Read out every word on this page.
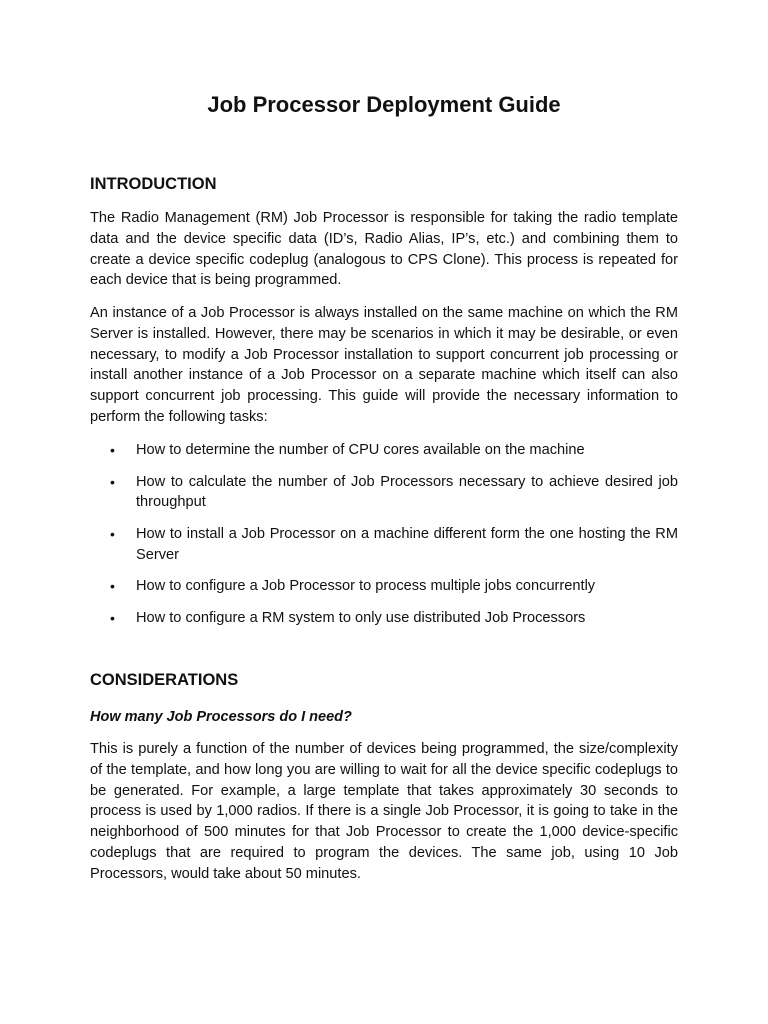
Job Processor Deployment Guide
INTRODUCTION

The Radio Management (RM) Job Processor is responsible for taking the radio template data and the device specific data (ID’s, Radio Alias, IP’s, etc.) and combining them to create a device specific codeplug (analogous to CPS Clone). This process is repeated for each device that is being programmed.

An instance of a Job Processor is always installed on the same machine on which the RM Server is installed. However, there may be scenarios in which it may be desirable, or even necessary, to modify a Job Processor installation to support concurrent job processing or install another instance of a Job Processor on a separate machine which itself can also support concurrent job processing. This guide will provide the necessary information to perform the following tasks:

• How to determine the number of CPU cores available on the machine
• How to calculate the number of Job Processors necessary to achieve desired job throughput
• How to install a Job Processor on a machine different form the one hosting the RM Server
• How to configure a Job Processor to process multiple jobs concurrently
• How to configure a RM system to only use distributed Job Processors
CONSIDERATIONS
How many Job Processors do I need?

This is purely a function of the number of devices being programmed, the size/complexity of the template, and how long you are willing to wait for all the device specific codeplugs to be generated. For example, a large template that takes approximately 30 seconds to process is used by 1,000 radios. If there is a single Job Processor, it is going to take in the neighborhood of 500 minutes for that Job Processor to create the 1,000 device-specific codeplugs that are required to program the devices. The same job, using 10 Job Processors, would take about 50 minutes.
